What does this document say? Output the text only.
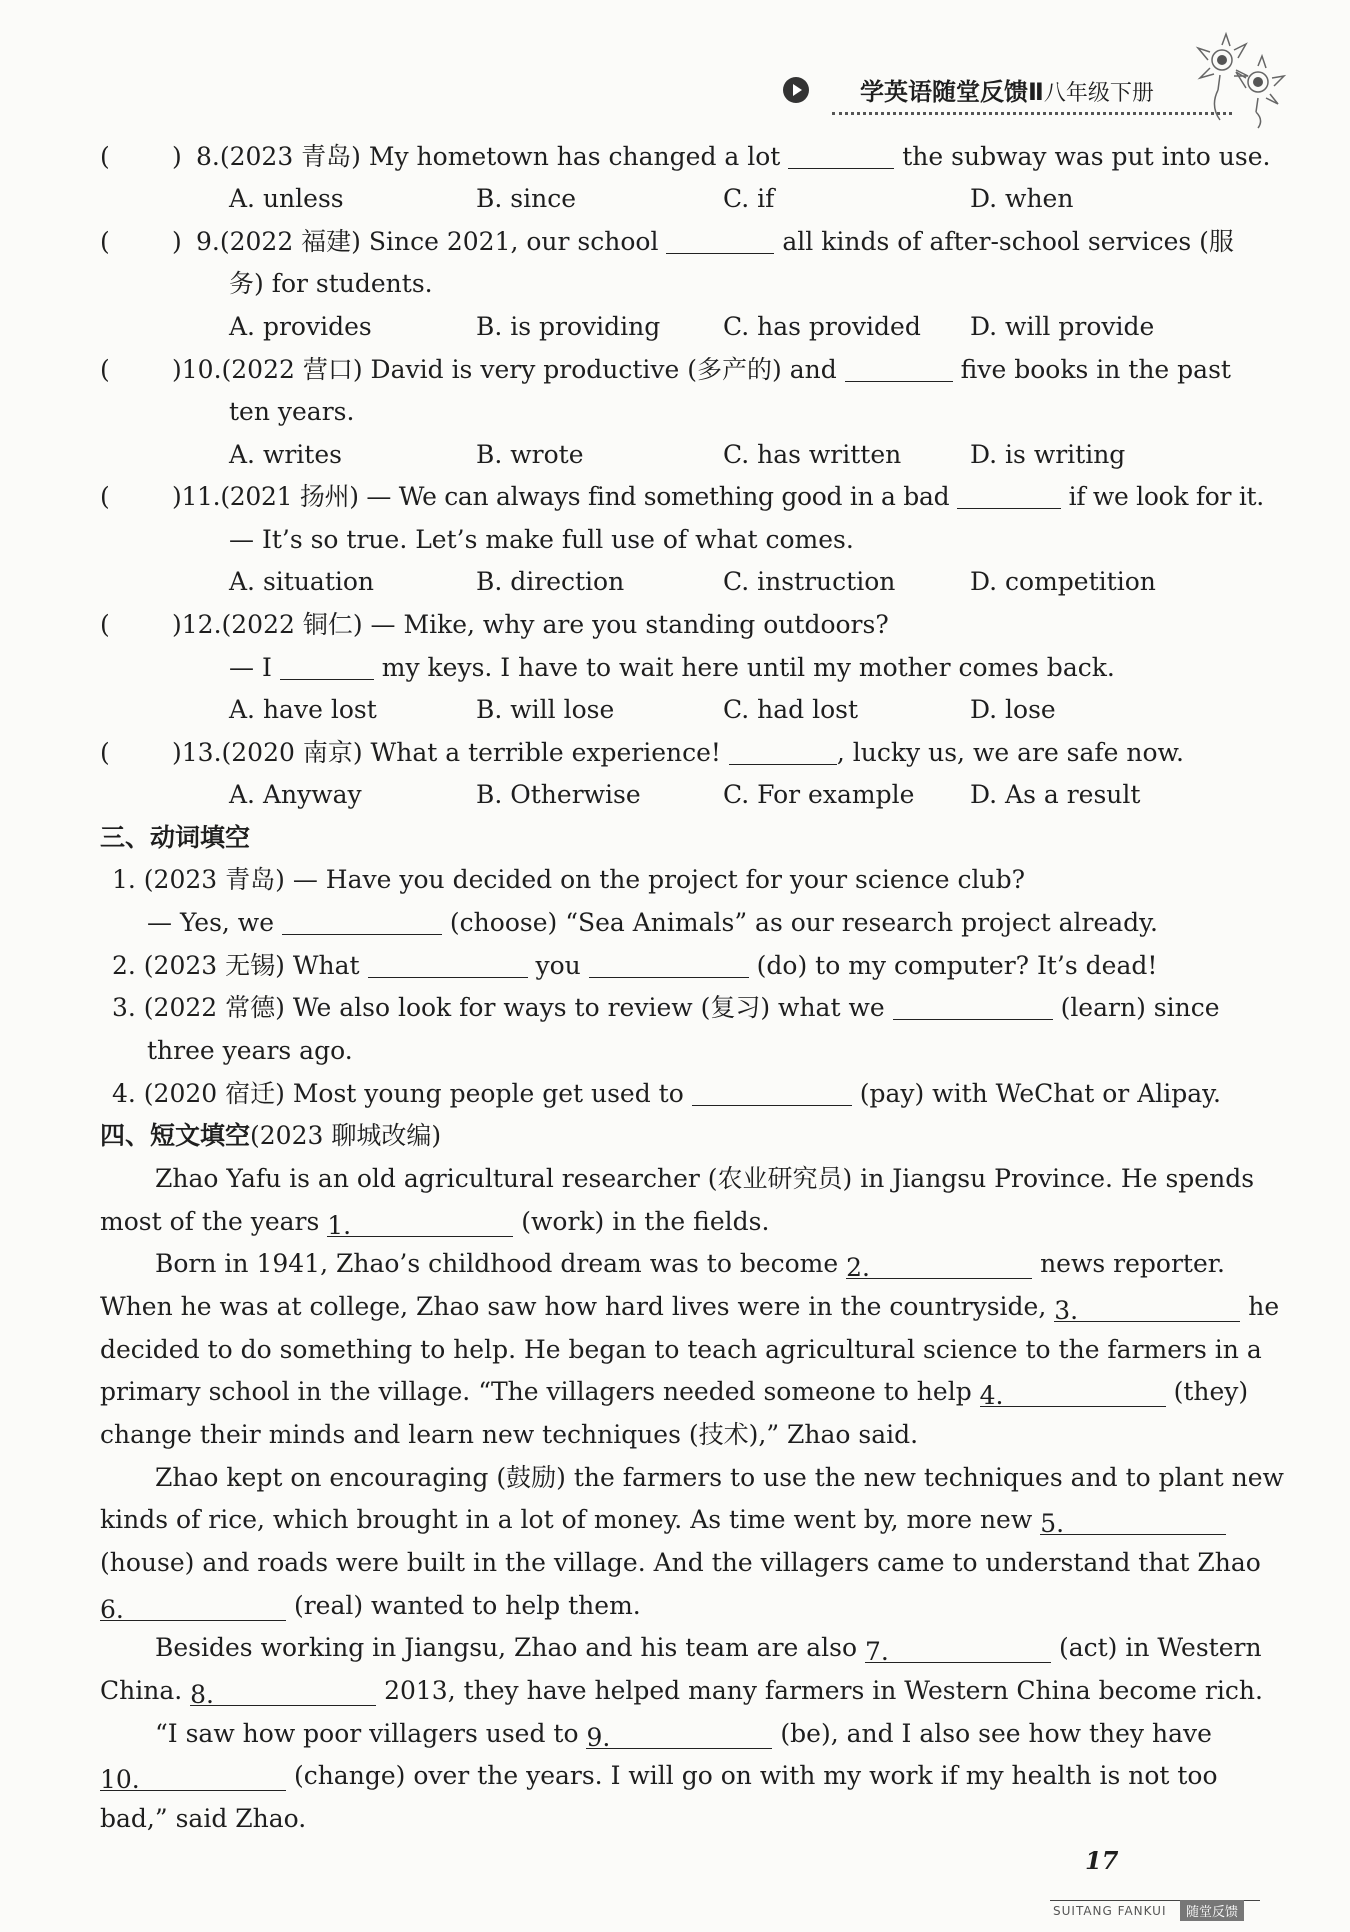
学英语随堂反馈Ⅱ八年级下册
( ) 8.(2023 青岛) My hometown has changed a lot	the subway was put into use.
A. unless	B. since	C. if	D. when
( ) 9.(2022 福建) Since 2021, our school	all kinds of after-school services (服
务) for students.
A. provides	B. is providing	C. has provided D. will provide
( )10.(2022 营口) David is very productive (多产的) and	five books in the past
ten years.
A. writes	B. wrote	C. has written	D. is writing
( )11.(2021 扬州) — We can always find something good in a bad	if we look for it.
— It’s so true. Let’s make full use of what comes.
A. situation	B. direction	C. instruction	D. competition
( )12.(2022 铜仁) — Mike, why are you standing outdoors?
— I	my keys. I have to wait here until my mother comes back.
A. have lost	B. will lose	C. had lost	D. lose
( )13.(2020 南京) What a terrible experience!	, lucky us, we are safe now.
A. Anyway	B. Otherwise	C. For example D. As a result
三、动词填空
1. (2023 青岛) — Have you decided on the project for your science club?
— Yes, we	(choose) “Sea Animals” as our research project already.
2. (2023 无锡) What	you	(do) to my computer? It’s dead!
3. (2022 常德) We also look for ways to review (复习) what we	(learn) since
three years ago.
4. (2020 宿迁) Most young people get used to	(pay) with WeChat or Alipay.
四、短文填空(2023 聊城改编)
Zhao Yafu is an old agricultural researcher (农业研究员) in Jiangsu Province. He spends
most of the years 1.	(work) in the fields.
Born in 1941, Zhao’s childhood dream was to become 2.	news reporter.
When he was at college, Zhao saw how hard lives were in the countryside, 3.	he
decided to do something to help. He began to teach agricultural science to the farmers in a
primary school in the village. “The villagers needed someone to help 4.	(they)
change their minds and learn new techniques (技术),” Zhao said.
Zhao kept on encouraging (鼓励) the farmers to use the new techniques and to plant new
kinds of rice, which brought in a lot of money. As time went by, more new 5.
(house) and roads were built in the village. And the villagers came to understand that Zhao
6.	(real) wanted to help them.
Besides working in Jiangsu, Zhao and his team are also 7.	(act) in Western
China. 8.	2013, they have helped many farmers in Western China become rich.
“I saw how poor villagers used to 9.	(be), and I also see how they have
10.	(change) over the years. I will go on with my work if my health is not too
bad,” said Zhao.
17
SUITANG FANKUI	随堂反馈
